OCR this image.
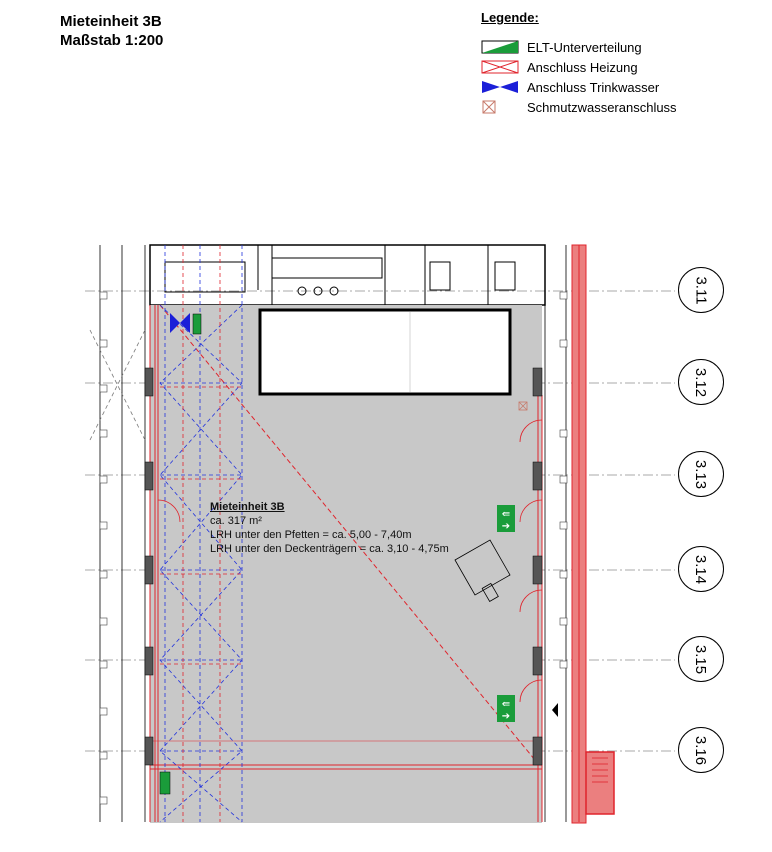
Mieteinheit 3B
Maßstab 1:200
Legende:
ELT-Unterverteilung
Anschluss Heizung
Anschluss Trinkwasser
Schmutzwasseranschluss
⇚
➔
⇚
➔
Mieteinheit 3B
ca. 317 m²
LRH unter den Pfetten = ca. 5,00 - 7,40m
LRH unter den Deckenträgern = ca. 3,10 - 4,75m
3.11
3.12
3.13
3.14
3.15
3.16
